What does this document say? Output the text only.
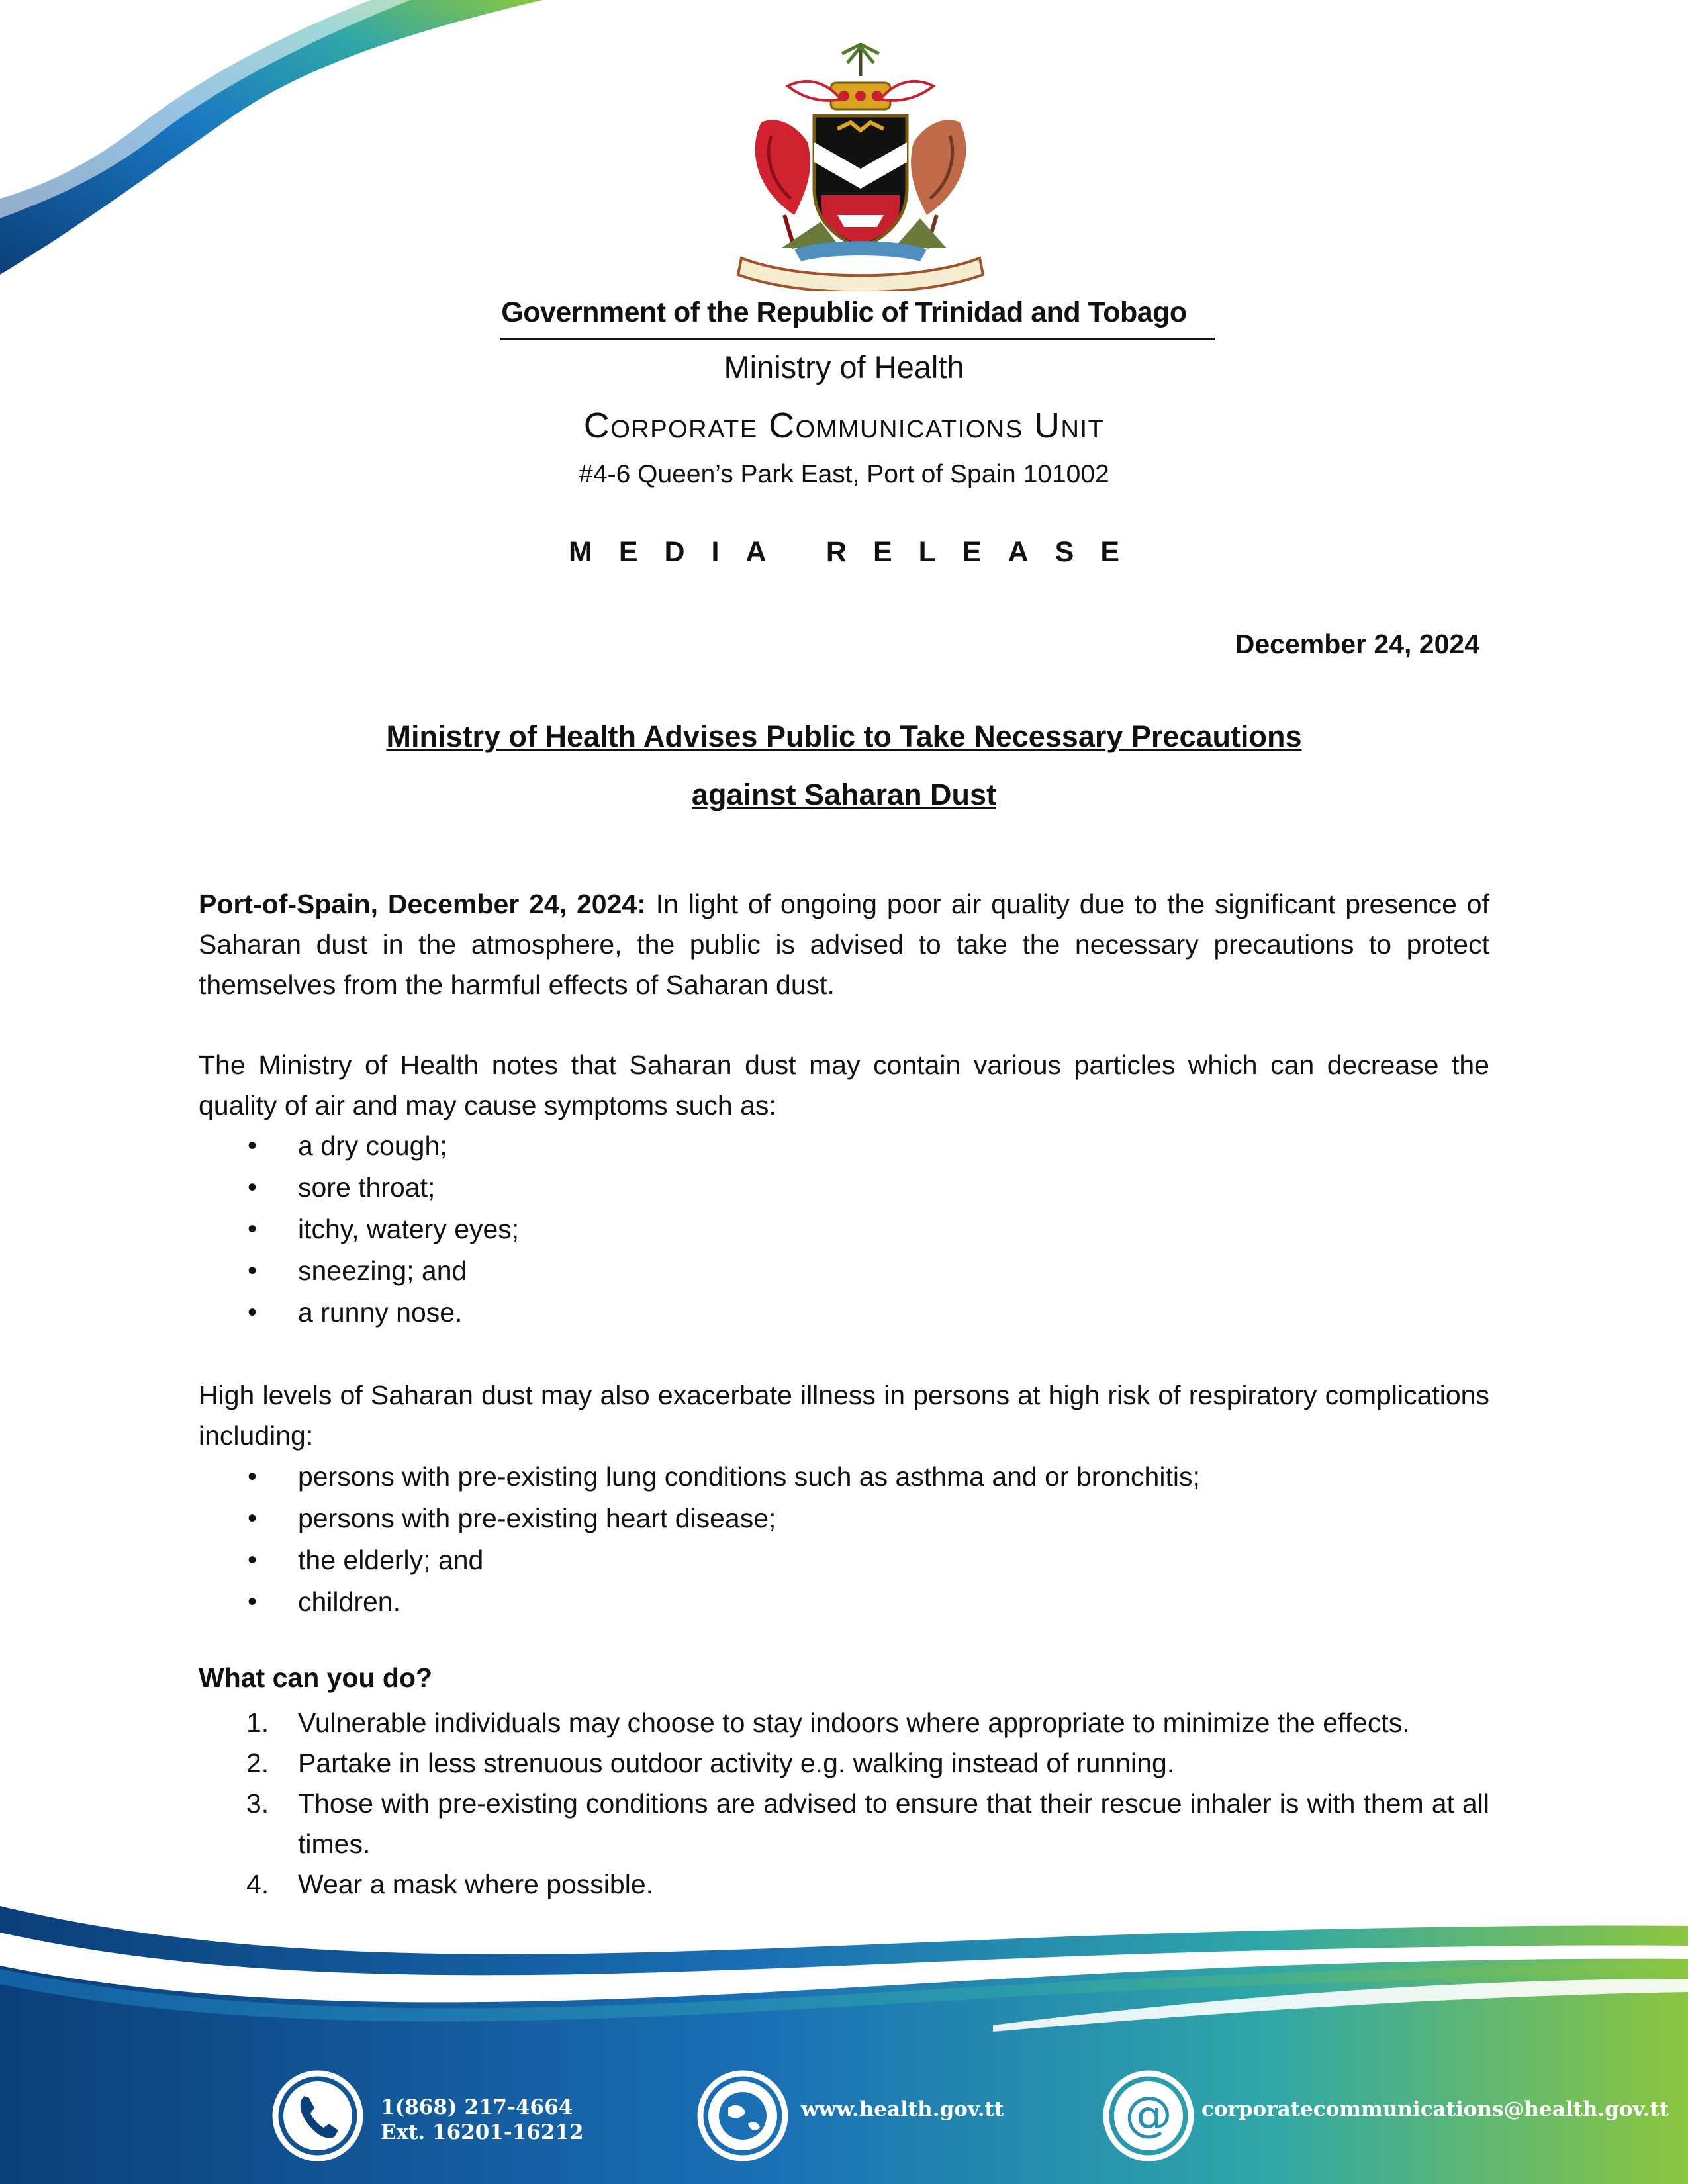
Government of the Republic of Trinidad and Tobago
Ministry of Health
Corporate Communications Unit
#4-6 Queen’s Park East, Port of Spain 101002
MEDIA RELEASE
December 24, 2024
Ministry of Health Advises Public to Take Necessary Precautions
against Saharan Dust

Port-of-Spain, December 24, 2024: In light of ongoing poor air quality due to the significant presence of Saharan dust in the atmosphere, the public is advised to take the necessary precautions to protect themselves from the harmful effects of Saharan dust.

The Ministry of Health notes that Saharan dust may contain various particles which can decrease the quality of air and may cause symptoms such as:

• a dry cough;
• sore throat;
• itchy, watery eyes;
• sneezing; and
• a runny nose.

High levels of Saharan dust may also exacerbate illness in persons at high risk of respiratory complications including:

• persons with pre-existing lung conditions such as asthma and or bronchitis;
• persons with pre-existing heart disease;
• the elderly; and
• children.
What can you do?
1. Vulnerable individuals may choose to stay indoors where appropriate to minimize the effects.
2. Partake in less strenuous outdoor activity e.g. walking instead of running.
3. Those with pre-existing conditions are advised to ensure that their rescue inhaler is with them at all times.
4. Wear a mask where possible.
@
1(868) 217-4664
Ext. 16201-16212
www.health.gov.tt	corporatecommunications@health.gov.tt
